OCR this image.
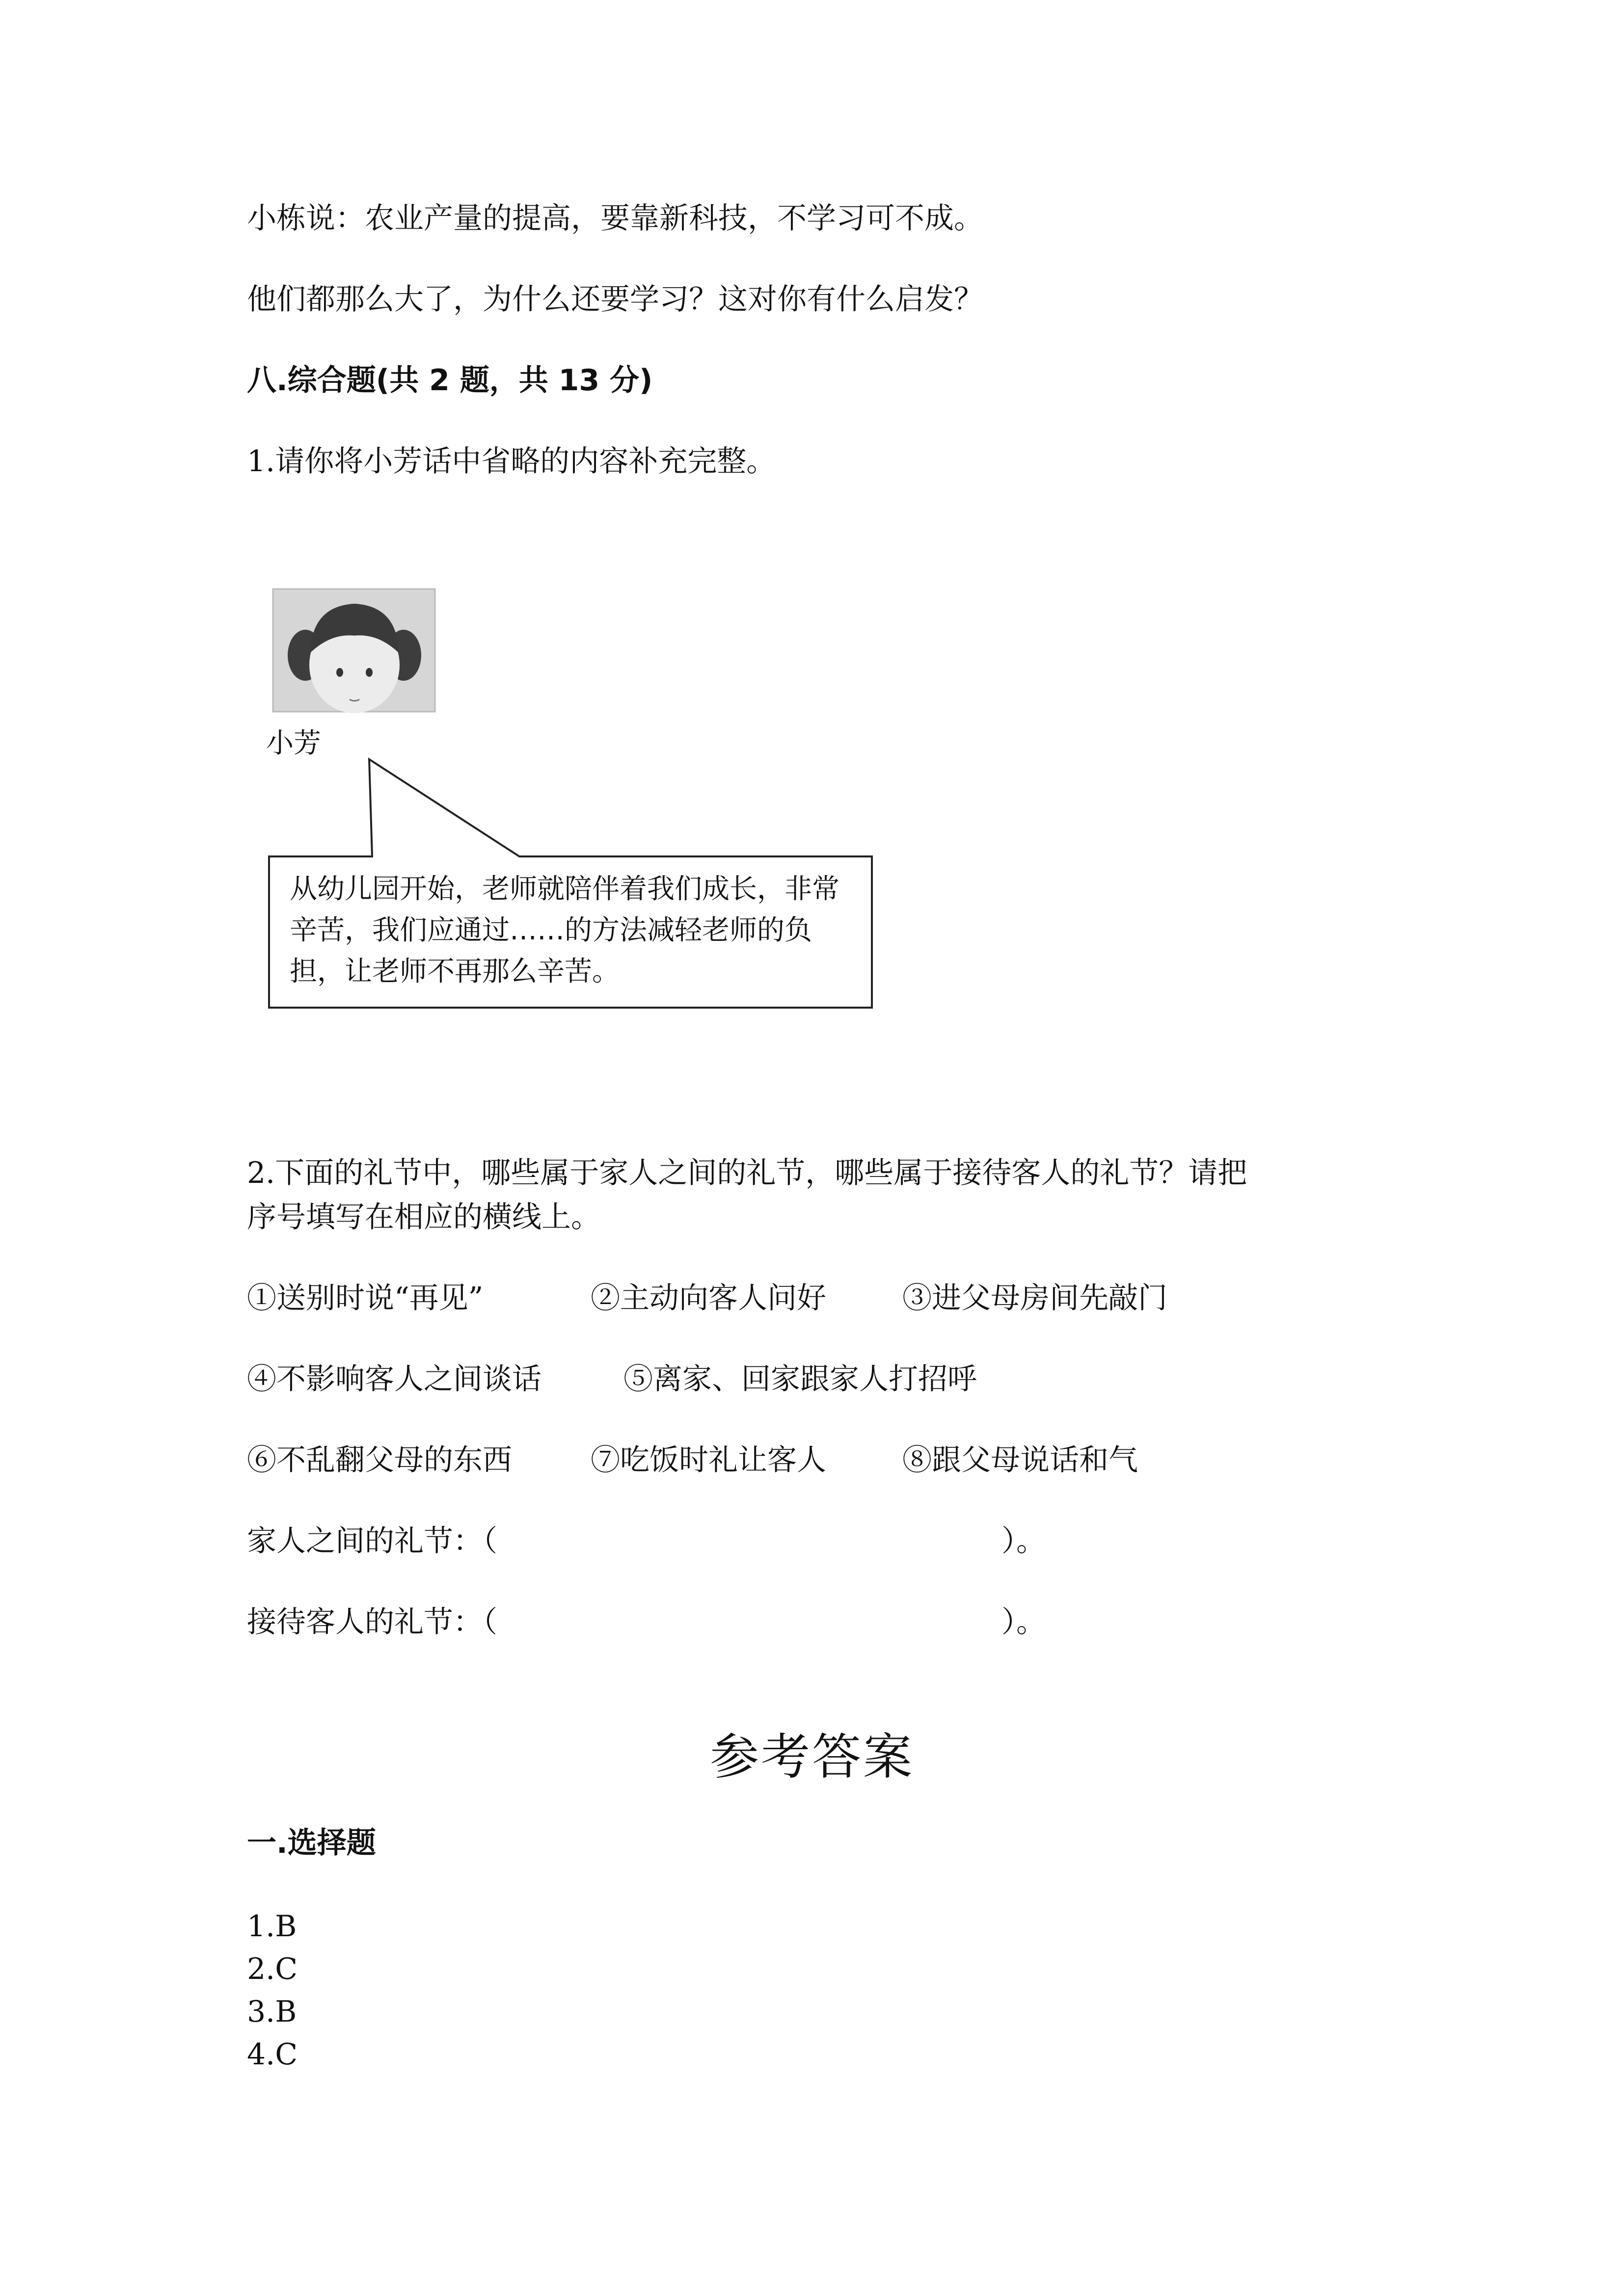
小栋说：农业产量的提高，要靠新科技，不学习可不成。
他们都那么大了，为什么还要学习？这对你有什么启发？
八.综合题(共 2 题，共 13 分)
1.请你将小芳话中省略的内容补充完整。
小芳
从幼儿园开始，老师就陪伴着我们成长，非常
辛苦，我们应通过……的方法减轻老师的负
担，让老师不再那么辛苦。
2.下面的礼节中，哪些属于家人之间的礼节，哪些属于接待客人的礼节？请把
序号填写在相应的横线上。
①送别时说“再见”	②主动向客人问好	③进父母房间先敲门
④不影响客人之间谈话	⑤离家、回家跟家人打招呼
⑥不乱翻父母的东西	⑦吃饭时礼让客人	⑧跟父母说话和气
家人之间的礼节：（	）。
接待客人的礼节：（	）。
参考答案
一.选择题
1.B
2.C
3.B
4.C
